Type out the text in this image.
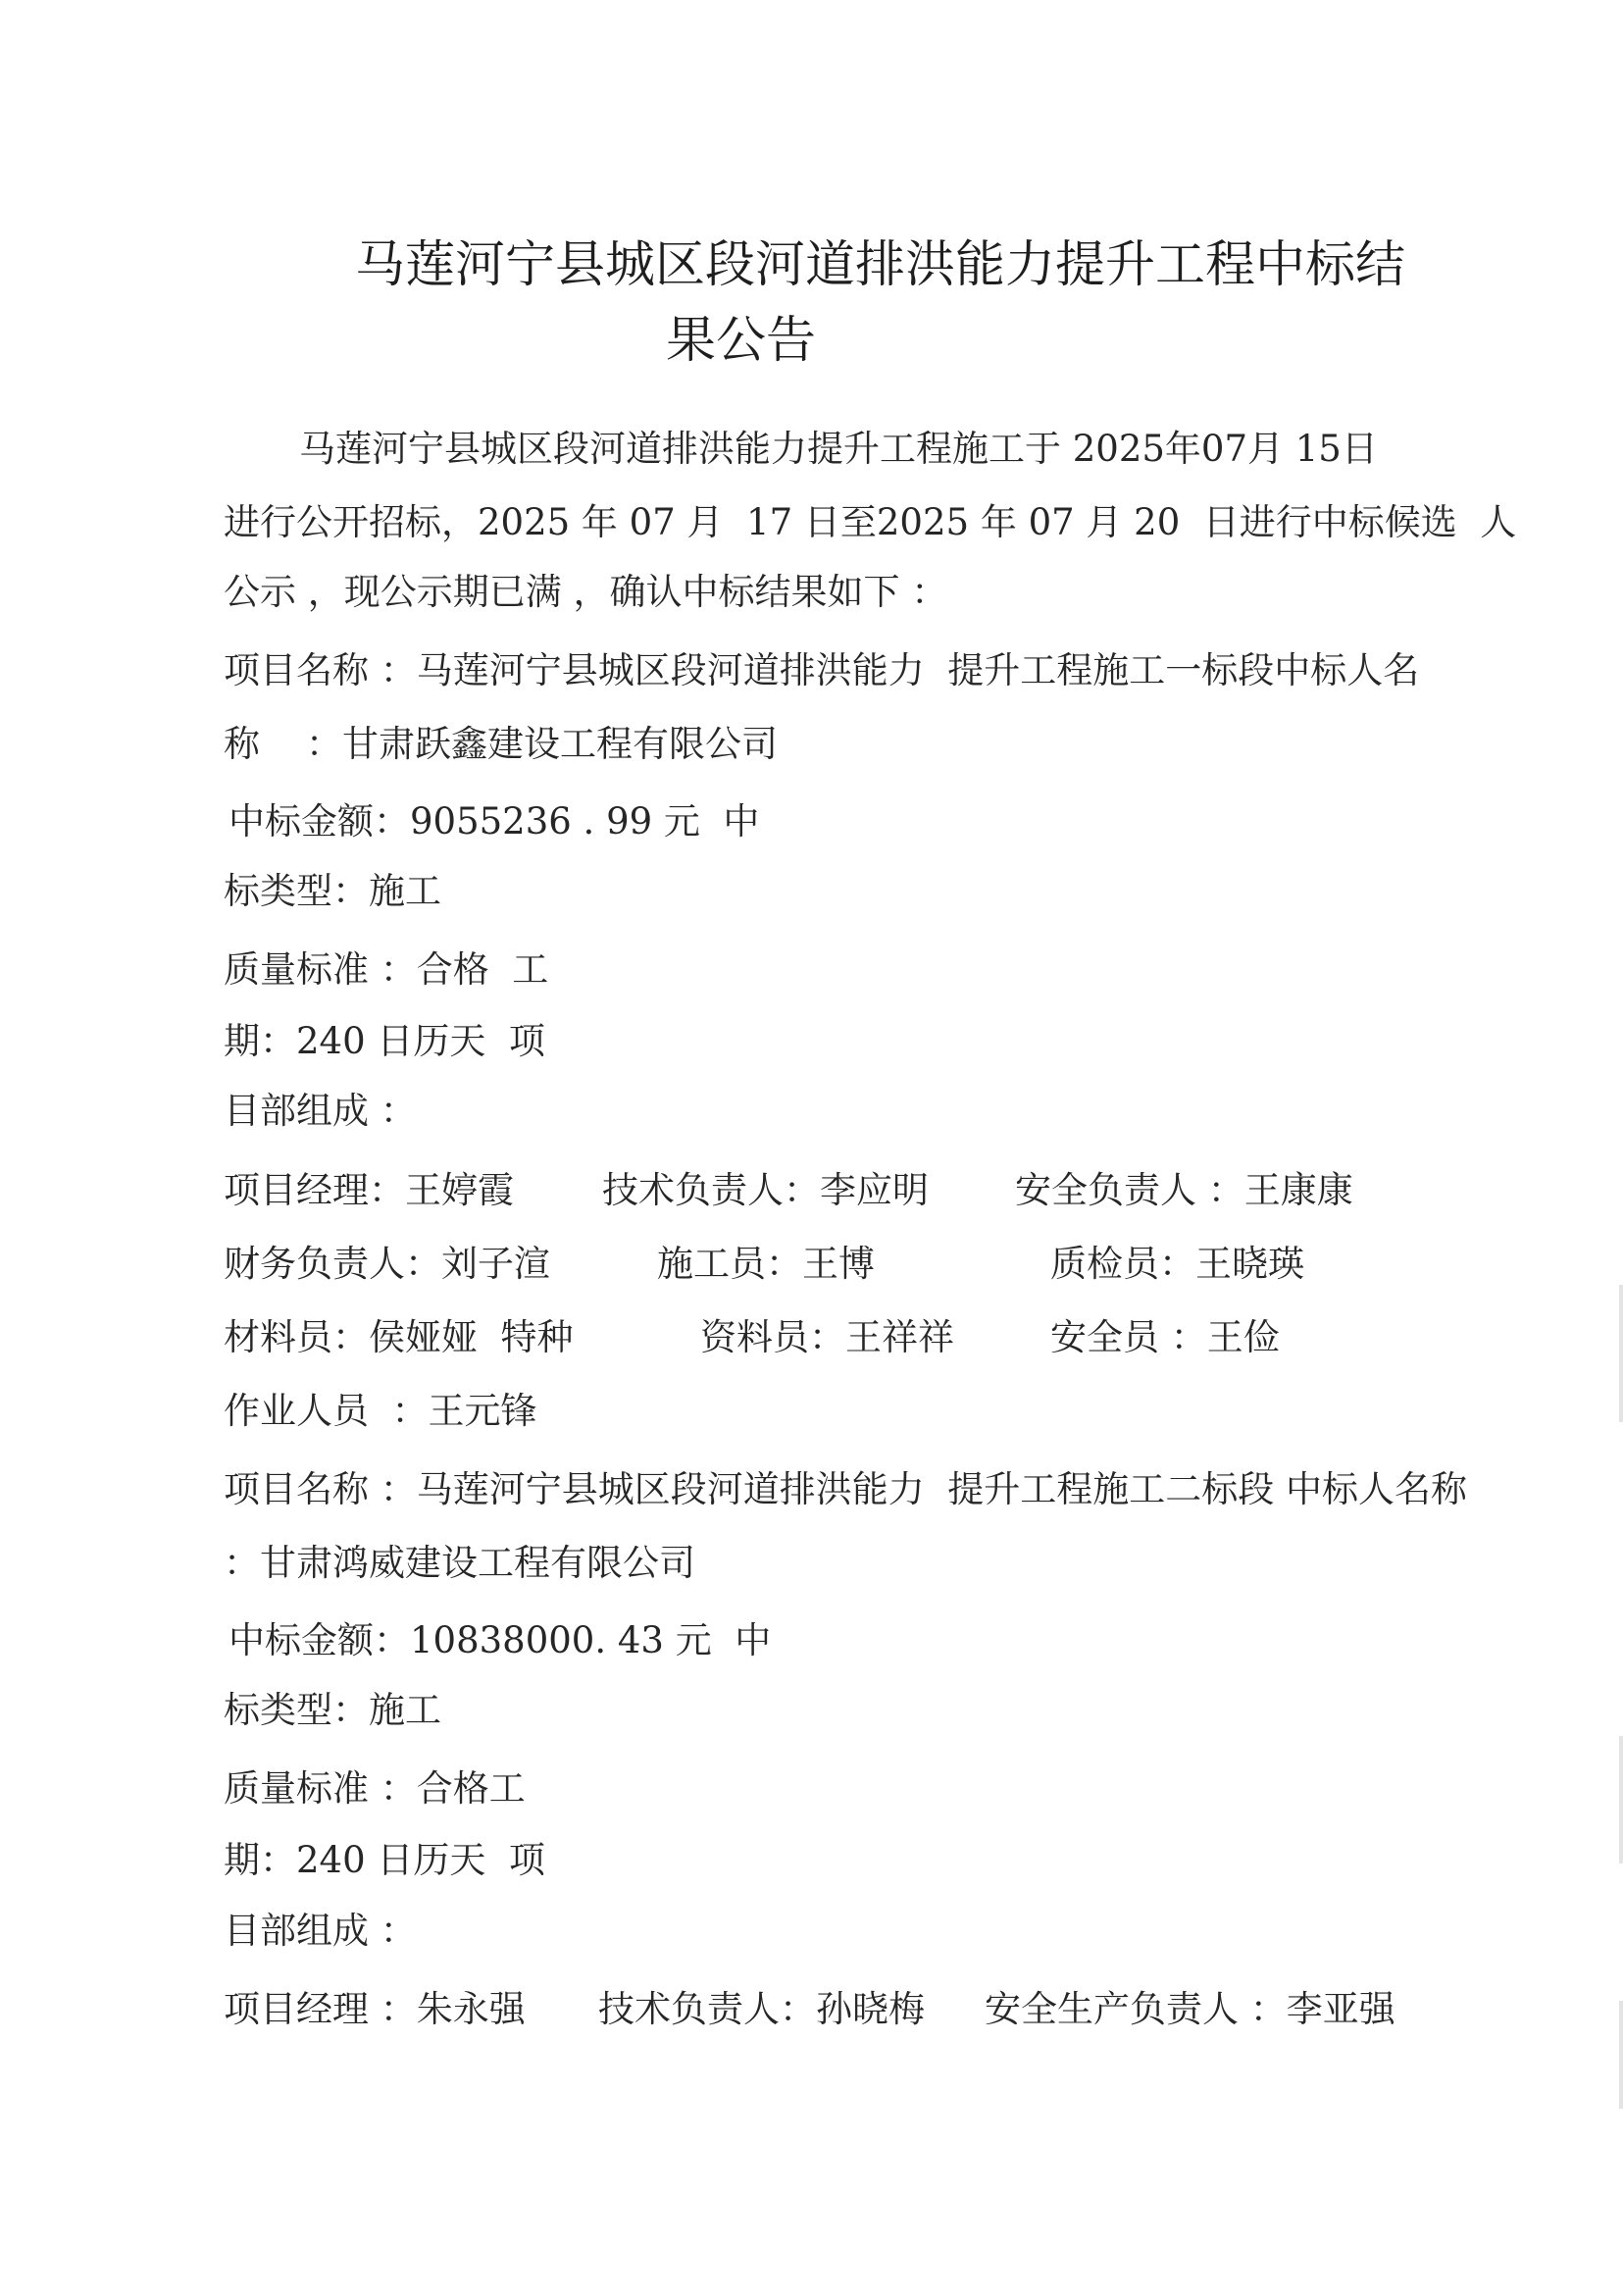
马莲河宁县城区段河道排洪能力提升工程中标结
果公告
马莲河宁县城区段河道排洪能力提升工程施工于 2025年07月 15日
进行公开招标，2025 年 07 月  17 日至2025 年 07 月 20  日进行中标候选  人
公示 ，现公示期已满 ，确认中标结果如下 ：
项目名称 ：马莲河宁县城区段河道排洪能力  提升工程施工一标段中标人名
称    ：甘肃跃鑫建设工程有限公司
中标金额：9055236 . 99 元  中
标类型：施工
质量标准 ：合格  工
期：240 日历天  项
目部组成 ：
项目经理：王婷霞 技术负责人：李应明 安全负责人 ：王康康
财务负责人：刘子渲	施工员：王博	质检员：王晓瑛
材料员：侯娅娅  特种	资料员：王祥祥	安全员 ：王俭
作业人员  ：王元锋
项目名称 ：马莲河宁县城区段河道排洪能力  提升工程施工二标段 中标人名称
：甘肃鸿威建设工程有限公司
中标金额：10838000. 43 元  中
标类型：施工
质量标准 ：合格工
期：240 日历天  项
目部组成 ：
项目经理 ：朱永强 技术负责人：孙晓梅 安全生产负责人 ：李亚强
